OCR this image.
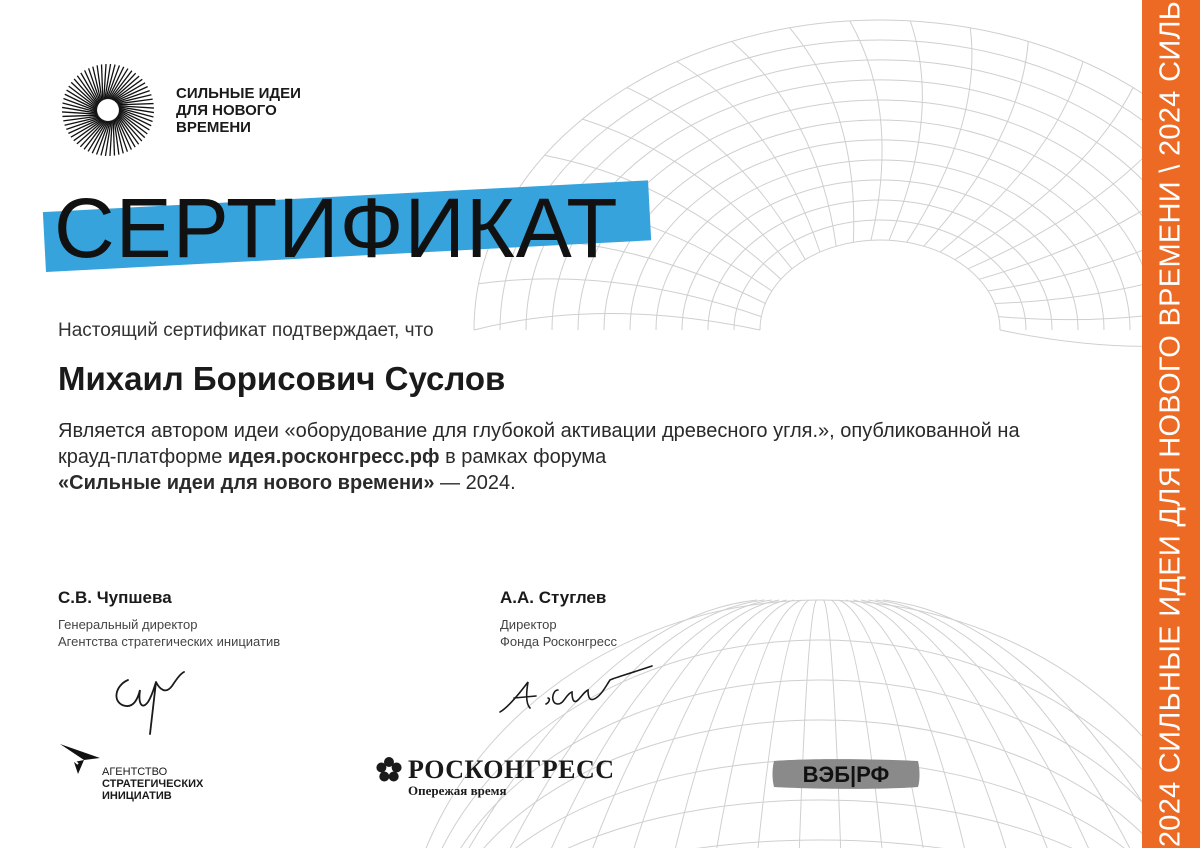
2024 СИЛЬНЫЕ ИДЕИ ДЛЯ НОВОГО ВРЕМЕНИ \ 2024 СИЛЬ
СИЛЬНЫЕ ИДЕИ
ДЛЯ НОВОГО
ВРЕМЕНИ
СЕРТИФИКАТ
Настоящий сертификат подтверждает, что
Михаил Борисович Суслов
Является автором идеи «оборудование для глубокой активации древесного угля.», опубликованной на крауд-платформе идея.росконгресс.рф в рамках форума
«Сильные идеи для нового времени» — 2024.
С.В. Чупшева
Генеральный директор
Агентства стратегических инициатив
А.А. Стуглев
Директор
Фонда Росконгресс
АГЕНТСТВО
СТРАТЕГИЧЕСКИХ
ИНИЦИАТИВ
РОСКОНГРЕСС
Опережая время
ВЭБ|РФ
